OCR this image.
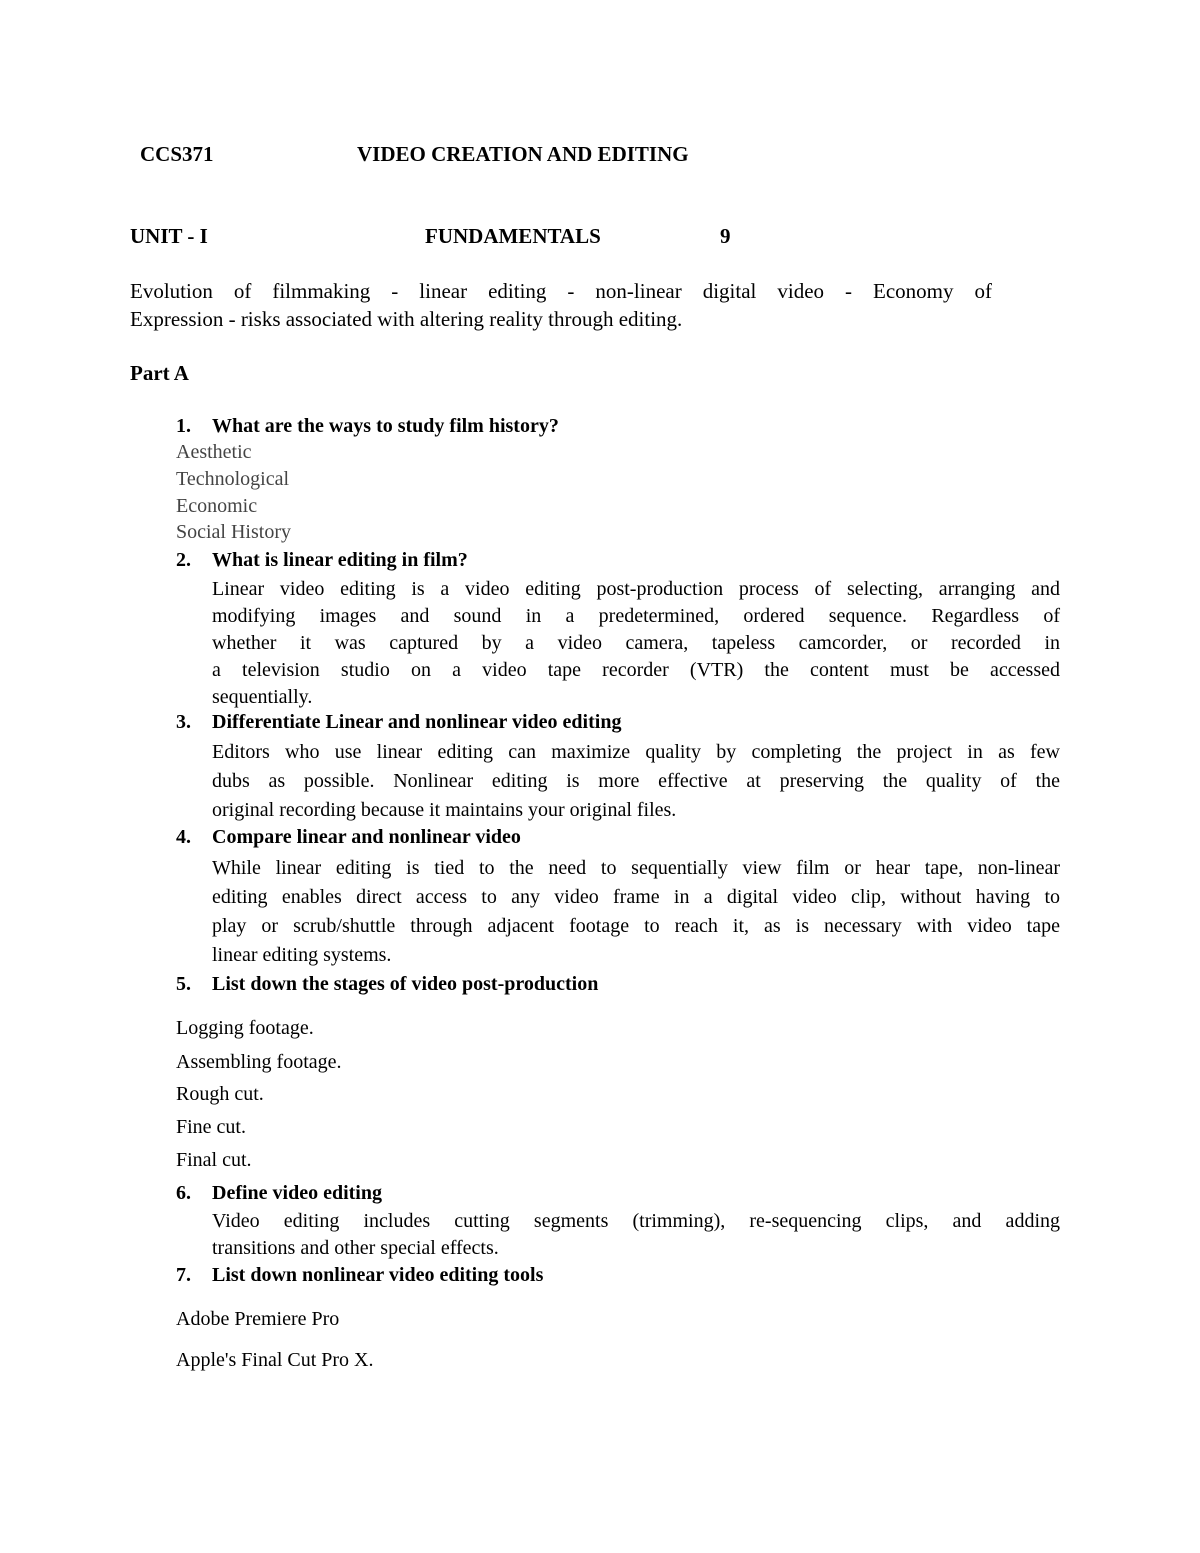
CCS371	VIDEO CREATION AND EDITING
UNIT - I	FUNDAMENTALS	9
Evolution of filmmaking - linear editing - non-linear digital video - Economy of
Expression - risks associated with altering reality through editing.
Part A
1. What are the ways to study film history?
Aesthetic
Technological
Economic
Social History
2. What is linear editing in film?

Linear video editing is a video editing post-production process of selecting, arranging and

modifying images and sound in a predetermined, ordered sequence. Regardless of

whether it was captured by a video camera, tapeless camcorder, or recorded in

a television studio on a video tape recorder (VTR) the content must be accessed

sequentially.

3. Differentiate Linear and nonlinear video editing

Editors who use linear editing can maximize quality by completing the project in as few

dubs as possible. Nonlinear editing is more effective at preserving the quality of the

original recording because it maintains your original files.

4. Compare linear and nonlinear video

While linear editing is tied to the need to sequentially view film or hear tape, non-linear

editing enables direct access to any video frame in a digital video clip, without having to

play or scrub/shuttle through adjacent footage to reach it, as is necessary with video tape

linear editing systems.

5. List down the stages of video post-production
Logging footage.
Assembling footage.
Rough cut.
Fine cut.
Final cut.
6. Define video editing

Video editing includes cutting segments (trimming), re-sequencing clips, and adding

transitions and other special effects.

7. List down nonlinear video editing tools
Adobe Premiere Pro
Apple's Final Cut Pro X.
